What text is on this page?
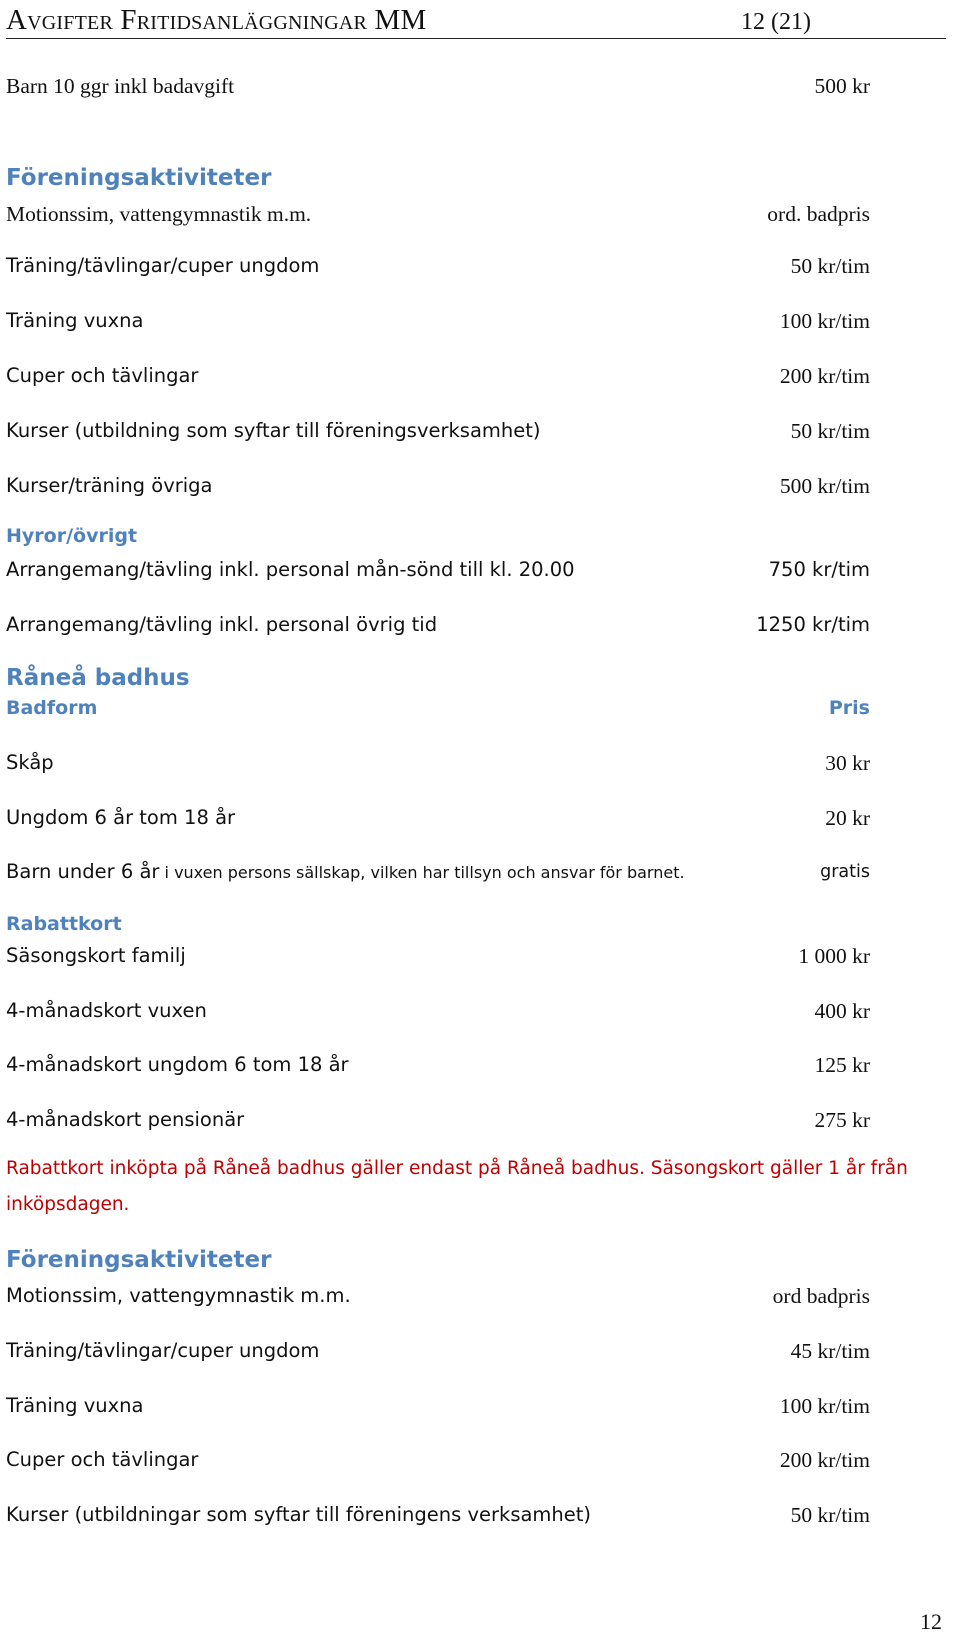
Avgifter Fritidsanläggningar MM	12 (21)
Barn 10 ggr inkl badavgift	500 kr
Föreningsaktiviteter
Motionssim, vattengymnastik m.m.	ord. badpris
Träning/tävlingar/cuper ungdom	50 kr/tim
Träning vuxna	100 kr/tim
Cuper och tävlingar	200 kr/tim
Kurser (utbildning som syftar till föreningsverksamhet)	50 kr/tim
Kurser/träning övriga	500 kr/tim
Hyror/övrigt
Arrangemang/tävling inkl. personal mån-sönd till kl. 20.00	750 kr/tim
Arrangemang/tävling inkl. personal övrig tid	1250 kr/tim
Råneå badhus
Badform	Pris
Skåp	30 kr
Ungdom 6 år tom 18 år	20 kr
Barn under 6 år i vuxen persons sällskap, vilken har tillsyn och ansvar för barnet.	gratis
Rabattkort
Säsongskort familj	1 000 kr
4-månadskort vuxen	400 kr
4-månadskort ungdom 6 tom 18 år	125 kr
4-månadskort pensionär	275 kr
Rabattkort inköpta på Råneå badhus gäller endast på Råneå badhus. Säsongskort gäller 1 år från inköpsdagen.
Föreningsaktiviteter
Motionssim, vattengymnastik m.m.	ord badpris
Träning/tävlingar/cuper ungdom	45 kr/tim
Träning vuxna	100 kr/tim
Cuper och tävlingar	200 kr/tim
Kurser (utbildningar som syftar till föreningens verksamhet)	50 kr/tim
12
